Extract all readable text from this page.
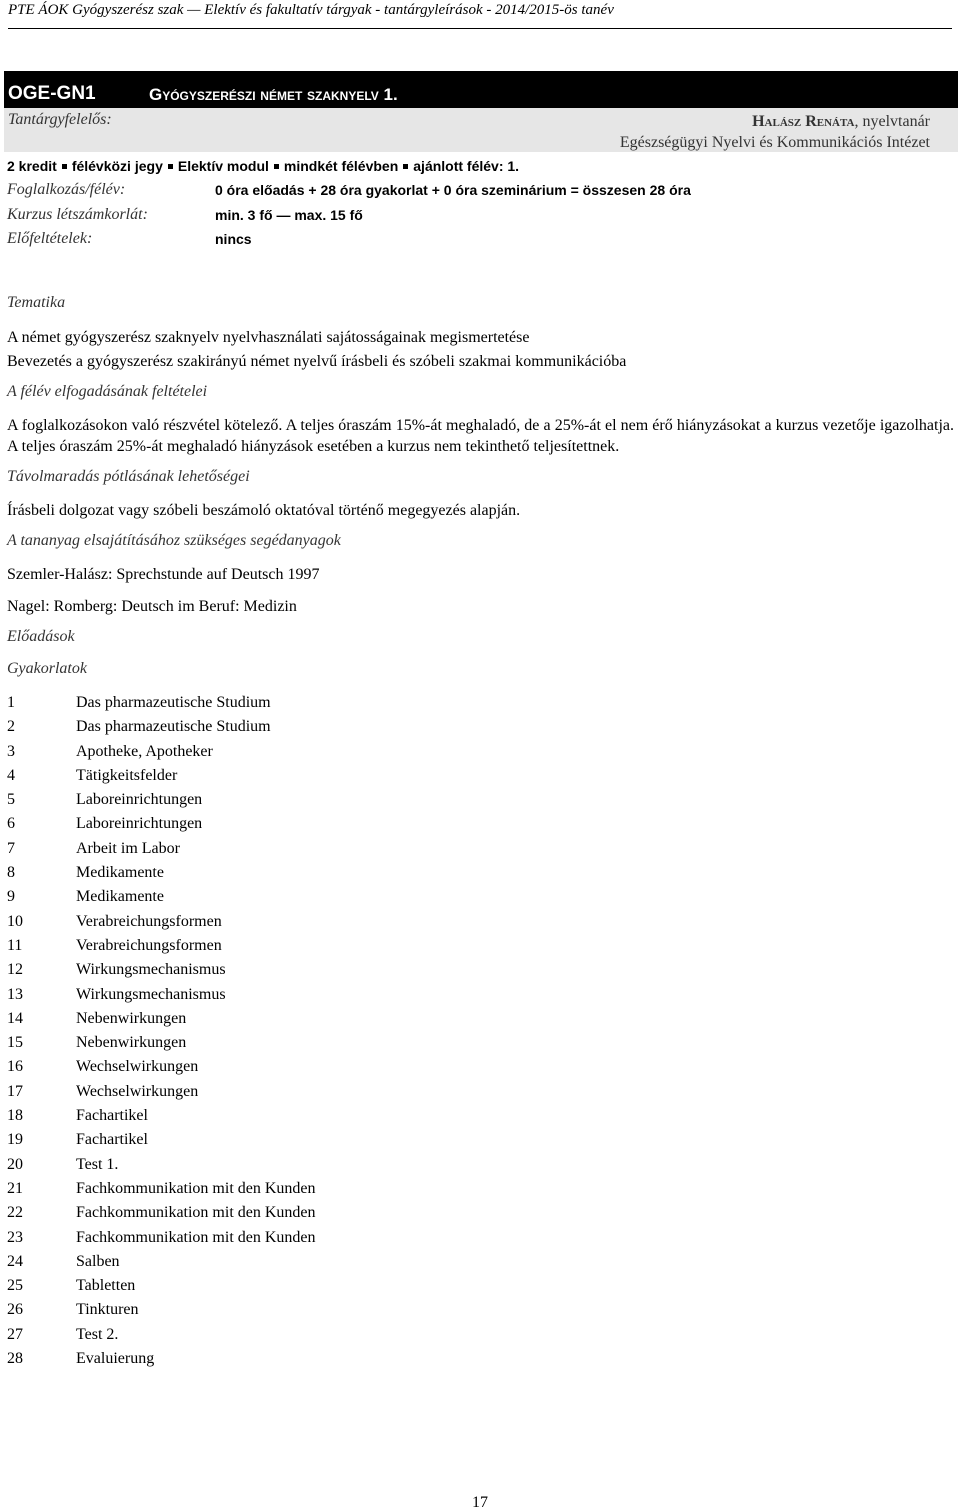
PTE ÁOK Gyógyszerész szak — Elektív és fakultatív tárgyak - tantárgyleírások - 2014/2015-ös tanév
OGE-GN1	Gyógyszerészi német szaknyelv 1.
Tantárgyfelelős:	Halász Renáta, nyelvtanár
Egészségügyi Nyelvi és Kommunikációs Intézet
2 kredit félévközi jegy Elektív modul mindkét félévben ajánlott félév: 1.
Foglalkozás/félév:	0 óra előadás + 28 óra gyakorlat + 0 óra szeminárium = összesen 28 óra
Kurzus létszámkorlát:	min. 3 fő — max. 15 fő
Előfeltételek:	nincs
Tematika
A német gyógyszerész szaknyelv nyelvhasználati sajátosságainak megismertetése
Bevezetés a gyógyszerész szakirányú német nyelvű írásbeli és szóbeli szakmai kommunikációba
A félév elfogadásának feltételei
A foglalkozásokon való részvétel kötelező. A teljes óraszám 15%-át meghaladó, de a 25%-át el nem érő hiányzásokat a kurzus vezetője igazolhatja. A teljes óraszám 25%-át meghaladó hiányzások esetében a kurzus nem tekinthető teljesítettnek.
Távolmaradás pótlásának lehetőségei
Írásbeli dolgozat vagy szóbeli beszámoló oktatóval történő megegyezés alapján.
A tananyag elsajátításához szükséges segédanyagok
Szemler-Halász: Sprechstunde auf Deutsch 1997
Nagel: Romberg: Deutsch im Beruf: Medizin
Előadások
Gyakorlatok
1	Das pharmazeutische Studium
2	Das pharmazeutische Studium
3	Apotheke, Apotheker
4	Tätigkeitsfelder
5	Laboreinrichtungen
6	Laboreinrichtungen
7	Arbeit im Labor
8	Medikamente
9	Medikamente
10	Verabreichungsformen
11	Verabreichungsformen
12	Wirkungsmechanismus
13	Wirkungsmechanismus
14	Nebenwirkungen
15	Nebenwirkungen
16	Wechselwirkungen
17	Wechselwirkungen
18	Fachartikel
19	Fachartikel
20	Test 1.
21	Fachkommunikation mit den Kunden
22	Fachkommunikation mit den Kunden
23	Fachkommunikation mit den Kunden
24	Salben
25	Tabletten
26	Tinkturen
27	Test 2.
28	Evaluierung
17
